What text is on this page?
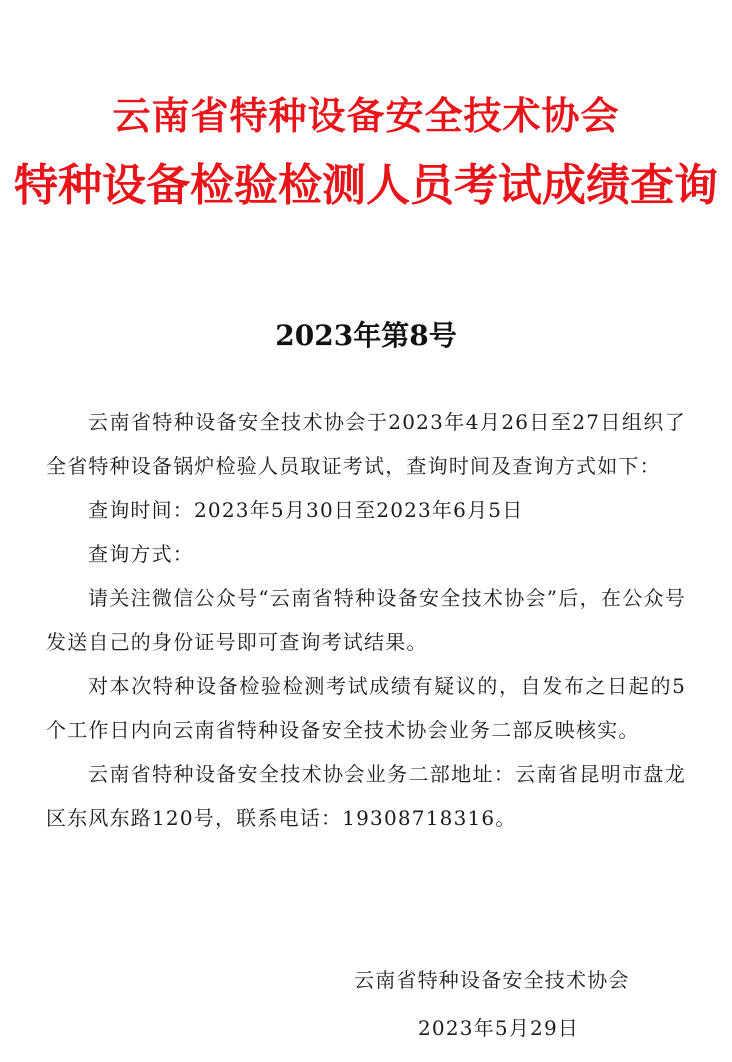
云南省特种设备安全技术协会
特种设备检验检测人员考试成绩查询
2023年第8号

云南省特种设备安全技术协会于2023年4月26日至27日组织了全省特种设备锅炉检验人员取证考试，查询时间及查询方式如下：

查询时间：2023年5月30日至2023年6月5日

查询方式：

请关注微信公众号“云南省特种设备安全技术协会”后，在公众号发送自己的身份证号即可查询考试结果。

对本次特种设备检验检测考试成绩有疑议的，自发布之日起的5个工作日内向云南省特种设备安全技术协会业务二部反映核实。

云南省特种设备安全技术协会业务二部地址：云南省昆明市盘龙区东风东路120号，联系电话：19308718316。

云南省特种设备安全技术协会
2023年5月29日
